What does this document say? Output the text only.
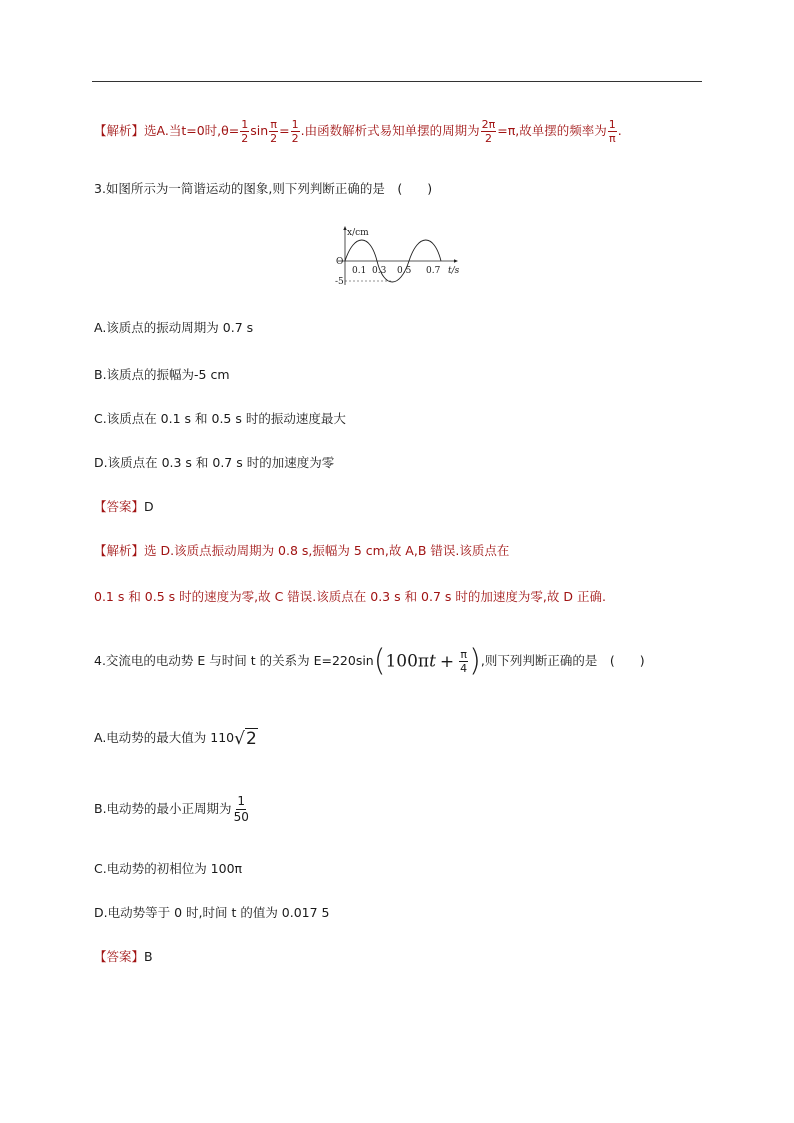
【解析】选A.当t=0时$,\theta= \frac{1}{2}$ $\sin \frac{\pi}{2} = \frac{1}{2}$ .由函数解析式易知单摆的周期为 $\frac{2\pi}{2} =\pi$,故单摆的频率为 $\frac{1}{\pi}$ .
3.如图所示为一简谐运动的图象,则下列判断正确的是　(　　)
x/cm
O
-5
0.1 0.3 0.5 0.7 t/s
A.该质点的振动周期为 0.7 s
B.该质点的振幅为-5 cm
C.该质点在 0.1 s 和 0.5 s 时的振动速度最大
D.该质点在 0.3 s 和 0.7 s 时的加速度为零
【答案】D
【解析】选 D.该质点振动周期为 0.8 s,振幅为 5 cm,故 A,B 错误.该质点在
0.1 s 和 0.5 s 时的速度为零,故 C 错误.该质点在 0.3 s 和 0.7 s 时的加速度为零,故 D 正确.
4.交流电的电动势 E 与时间 t 的关系为 $E=220\sin(100\pi t + \frac{\pi}{4}$ ),则下列判断正确的是　(　　)
A.电动势的最大值为 110√2
B.电动势的最小正周期为 $\frac{1}{50}$
C.电动势的初相位为 100π
D.电动势等于 0 时,时间 t 的值为 0.017 5
【答案】B
